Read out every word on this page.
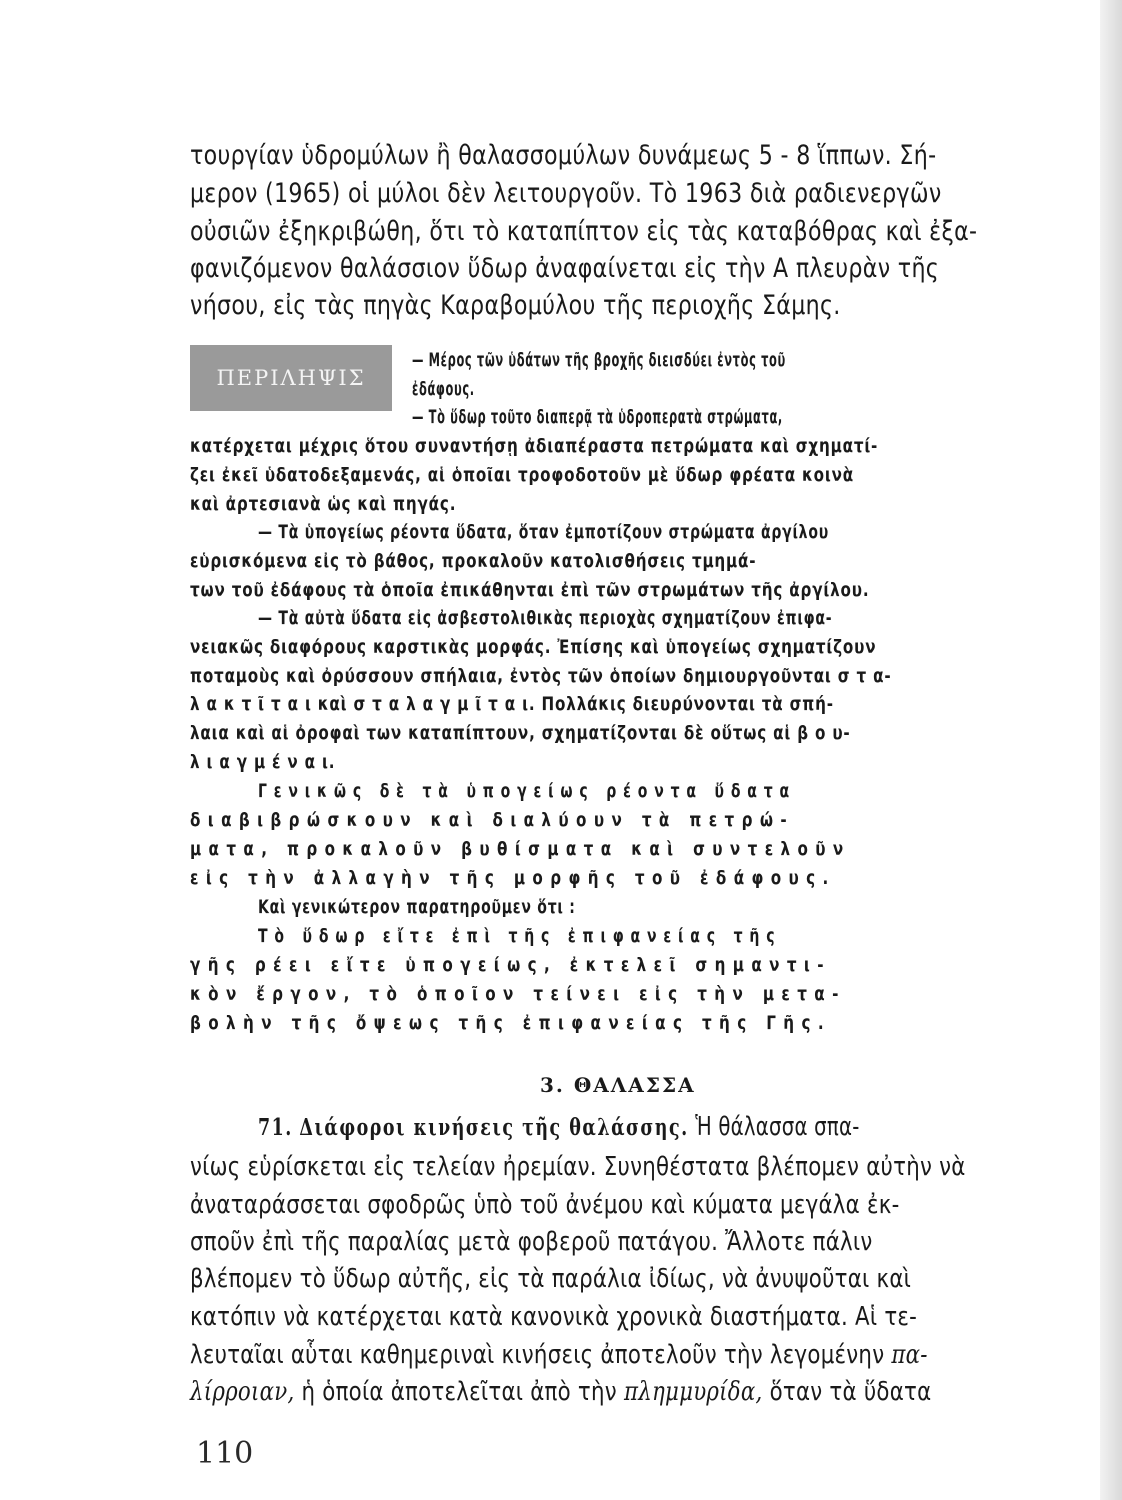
τουργίαν ὑδρομύλων ἢ θαλασσομύλων δυνάμεως 5 - 8 ἵππων. Σή-
μερον (1965) οἱ μύλοι δὲν λειτουργοῦν. Τὸ 1963 διὰ ραδιενεργῶν
οὐσιῶν ἐξηκριβώθη, ὅτι τὸ καταπίπτον εἰς τὰς καταβόθρας καὶ ἐξα-
φανιζόμενον θαλάσσιον ὕδωρ ἀναφαίνεται εἰς τὴν Α πλευρὰν τῆς
νήσου, εἰς τὰς πηγὰς Καραβομύλου τῆς περιοχῆς Σάμης.
ΠΕΡΙΛΗΨΙΣ
— Μέρος τῶν ὑδάτων τῆς βροχῆς διεισδύει ἐντὸς τοῦ
ἐδάφους.
— Τὸ ὕδωρ τοῦτο διαπερᾷ τὰ ὑδροπερατὰ στρώματα,
κατέρχεται μέχρις ὅτου συναντήσῃ ἀδιαπέραστα πετρώματα καὶ σχηματί-
ζει ἐκεῖ ὑδατοδεξαμενάς, αἱ ὁποῖαι τροφοδοτοῦν μὲ ὕδωρ φρέατα κοινὰ
καὶ ἀρτεσιανὰ ὡς καὶ πηγάς.
— Τὰ ὑπογείως ρέοντα ὕδατα, ὅταν ἐμποτίζουν στρώματα ἀργίλου
εὑρισκόμενα εἰς τὸ βάθος, προκαλοῦν κατολισθήσεις τμημά-
των τοῦ ἐδάφους τὰ ὁποῖα ἐπικάθηνται ἐπὶ τῶν στρωμάτων τῆς ἀργίλου.
— Τὰ αὐτὰ ὕδατα εἰς ἀσβεστολιθικὰς περιοχὰς σχηματίζουν ἐπιφα-
νειακῶς διαφόρους καρστικὰς μορφάς. Ἐπίσης καὶ ὑπογείως σχηματίζουν
ποταμοὺς καὶ ὀρύσσουν σπήλαια, ἐντὸς τῶν ὁποίων δημιουργοῦνται σ τ α-
λ α κ τ ῖ τ α ι καὶ σ τ α λ α γ μ ῖ τ α ι. Πολλάκις διευρύνονται τὰ σπή-
λαια καὶ αἱ ὀροφαὶ των καταπίπτουν, σχηματίζονται δὲ οὕτως αἱ β ο υ-
λ ι α γ μ έ ν α ι.
Γενικῶς δὲ τὰ ὑπογείως ρέοντα ὕδατα
διαβιβρώσκουν καὶ διαλύουν τὰ πετρώ-
ματα, προκαλοῦν βυθίσματα καὶ συντελοῦν
εἰς τὴν ἀλλαγὴν τῆς μορφῆς τοῦ ἐδάφους.
Καὶ γενικώτερον παρατηροῦμεν ὅτι :
Τὸ ὕδωρ εἴτε ἐπὶ τῆς ἐπιφανείας τῆς
γῆς ρέει εἴτε ὑπογείως, ἐκτελεῖ σημαντι-
κὸν ἔργον, τὸ ὁποῖον τείνει εἰς τὴν μετα-
βολὴν τῆς ὄψεως τῆς ἐπιφανείας τῆς Γῆς.
3. ΘΑΛΑΣΣΑ
71. Διάφοροι κινήσεις τῆς θαλάσσης. Ἡ θάλασσα σπα-
νίως εὑρίσκεται εἰς τελείαν ἠρεμίαν. Συνηθέστατα βλέπομεν αὐτὴν νὰ
ἀναταράσσεται σφοδρῶς ὑπὸ τοῦ ἀνέμου καὶ κύματα μεγάλα ἐκ-
σποῦν ἐπὶ τῆς παραλίας μετὰ φοβεροῦ πατάγου. Ἄλλοτε πάλιν
βλέπομεν τὸ ὕδωρ αὐτῆς, εἰς τὰ παράλια ἰδίως, νὰ ἀνυψοῦται καὶ
κατόπιν νὰ κατέρχεται κατὰ κανονικὰ χρονικὰ διαστήματα. Αἱ τε-
λευταῖαι αὗται καθημεριναὶ κινήσεις ἀποτελοῦν τὴν λεγομένην πα-
λίρροιαν, ἡ ὁποία ἀποτελεῖται ἀπὸ τὴν πλημμυρίδα, ὅταν τὰ ὕδατα
110
